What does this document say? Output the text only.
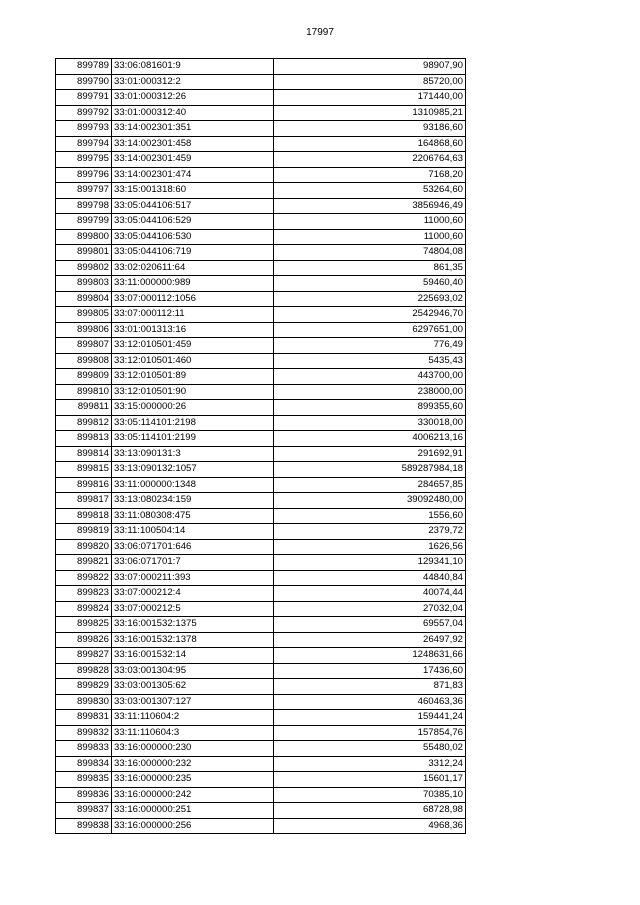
17997
899789	33:06:081601:9	98907,90
899790	33:01:000312:2	85720,00
899791	33:01:000312:26	171440,00
899792	33:01:000312:40	1310985,21
899793	33:14:002301:351	93186,60
899794	33:14:002301:458	164868,60
899795	33:14:002301:459	2206764,63
899796	33:14:002301:474	7168,20
899797	33:15:001318:60	53264,60
899798	33:05:044106:517	3856946,49
899799	33:05:044106:529	11000,60
899800	33:05:044106:530	11000,60
899801	33:05:044106:719	74804,08
899802	33:02:020611:64	861,35
899803	33:11:000000:989	59460,40
899804	33:07:000112:1056	225693,02
899805	33:07:000112:11	2542946,70
899806	33:01:001313:16	6297651,00
899807	33:12:010501:459	776,49
899808	33:12:010501:460	5435,43
899809	33:12:010501:89	443700,00
899810	33:12:010501:90	238000,00
899811	33:15:000000:26	899355,60
899812	33:05:114101:2198	330018,00
899813	33:05:114101:2199	4006213,16
899814	33:13:090131:3	291692,91
899815	33:13:090132:1057	589287984,18
899816	33:11:000000:1348	284657,85
899817	33:13:080234:159	39092480,00
899818	33:11:080308:475	1556,60
899819	33:11:100504:14	2379,72
899820	33:06:071701:646	1626,56
899821	33:06:071701:7	129341,10
899822	33:07:000211:393	44840,84
899823	33:07:000212:4	40074,44
899824	33:07:000212:5	27032,04
899825	33:16:001532:1375	69557,04
899826	33:16:001532:1378	26497,92
899827	33:16:001532:14	1248631,66
899828	33:03:001304:95	17436,60
899829	33:03:001305:62	871,83
899830	33:03:001307:127	460463,36
899831	33:11:110604:2	159441,24
899832	33:11:110604:3	157854,76
899833	33:16:000000:230	55480,02
899834	33:16:000000:232	3312,24
899835	33:16:000000:235	15601,17
899836	33:16:000000:242	70385,10
899837	33:16:000000:251	68728,98
899838	33:16:000000:256	4968,36
